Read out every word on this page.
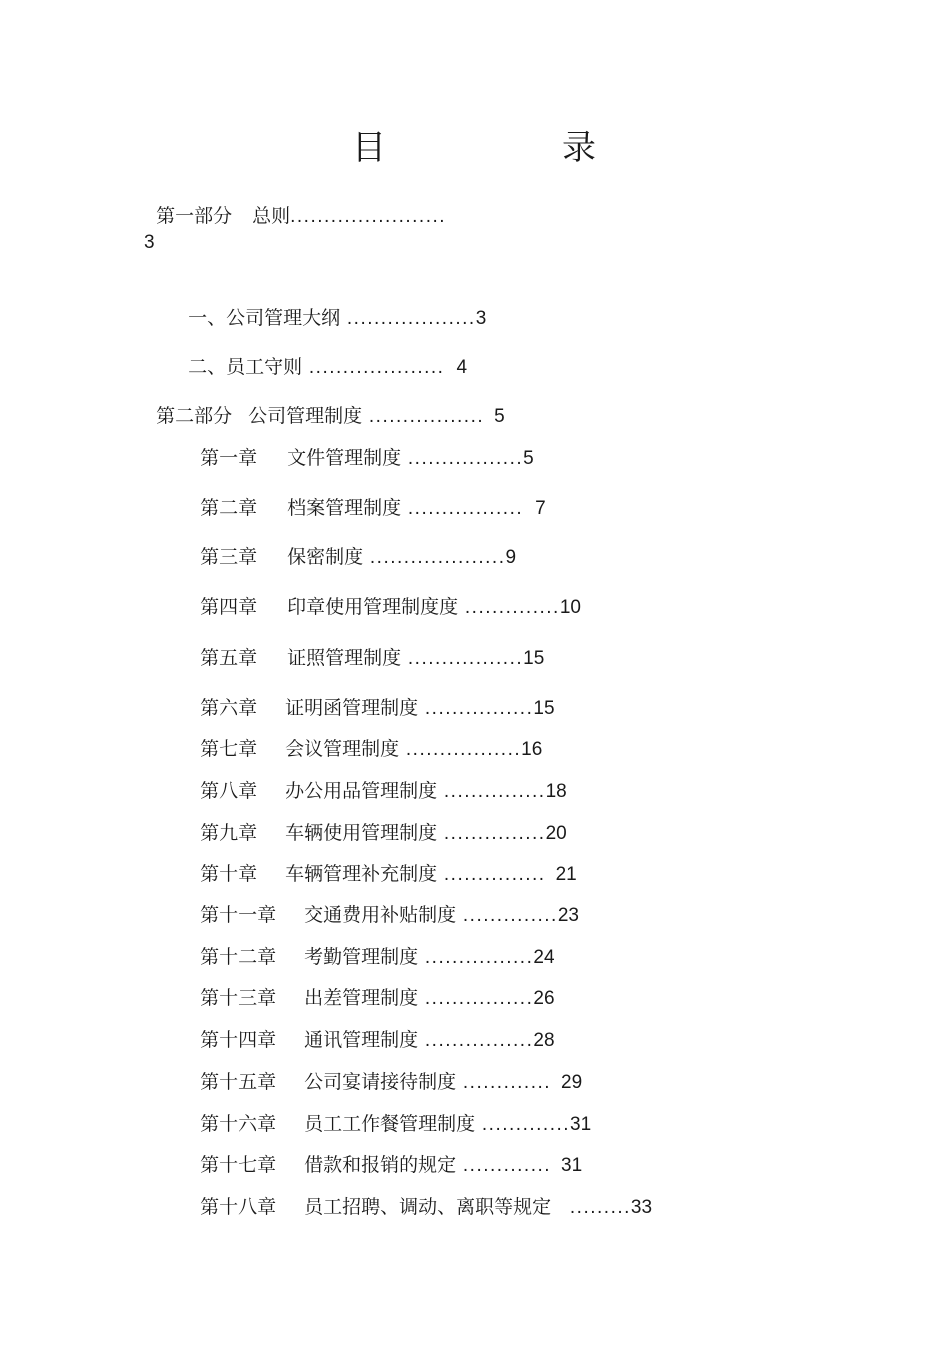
目	录

第一部分 总则.......................

3

一、公司管理大纲 ...................3

二、员工守则 .................... 4

第二部分 公司管理制度 ................. 5

第一章 文件管理制度 .................5

第二章 档案管理制度 ................. 7

第三章 保密制度 ....................9

第四章 印章使用管理制度度 ..............10

第五章 证照管理制度 .................15

第六章 证明函管理制度 ................15

第七章 会议管理制度 .................16

第八章 办公用品管理制度 ...............18

第九章 车辆使用管理制度 ...............20

第十章 车辆管理补充制度 ............... 21

第十一章 交通费用补贴制度 ..............23

第十二章 考勤管理制度 ................24

第十三章 出差管理制度 ................26

第十四章 通讯管理制度 ................28

第十五章 公司宴请接待制度 ............. 29

第十六章 员工工作餐管理制度 .............31

第十七章 借款和报销的规定 ............. 31

第十八章 员工招聘、调动、离职等规定 .........33
